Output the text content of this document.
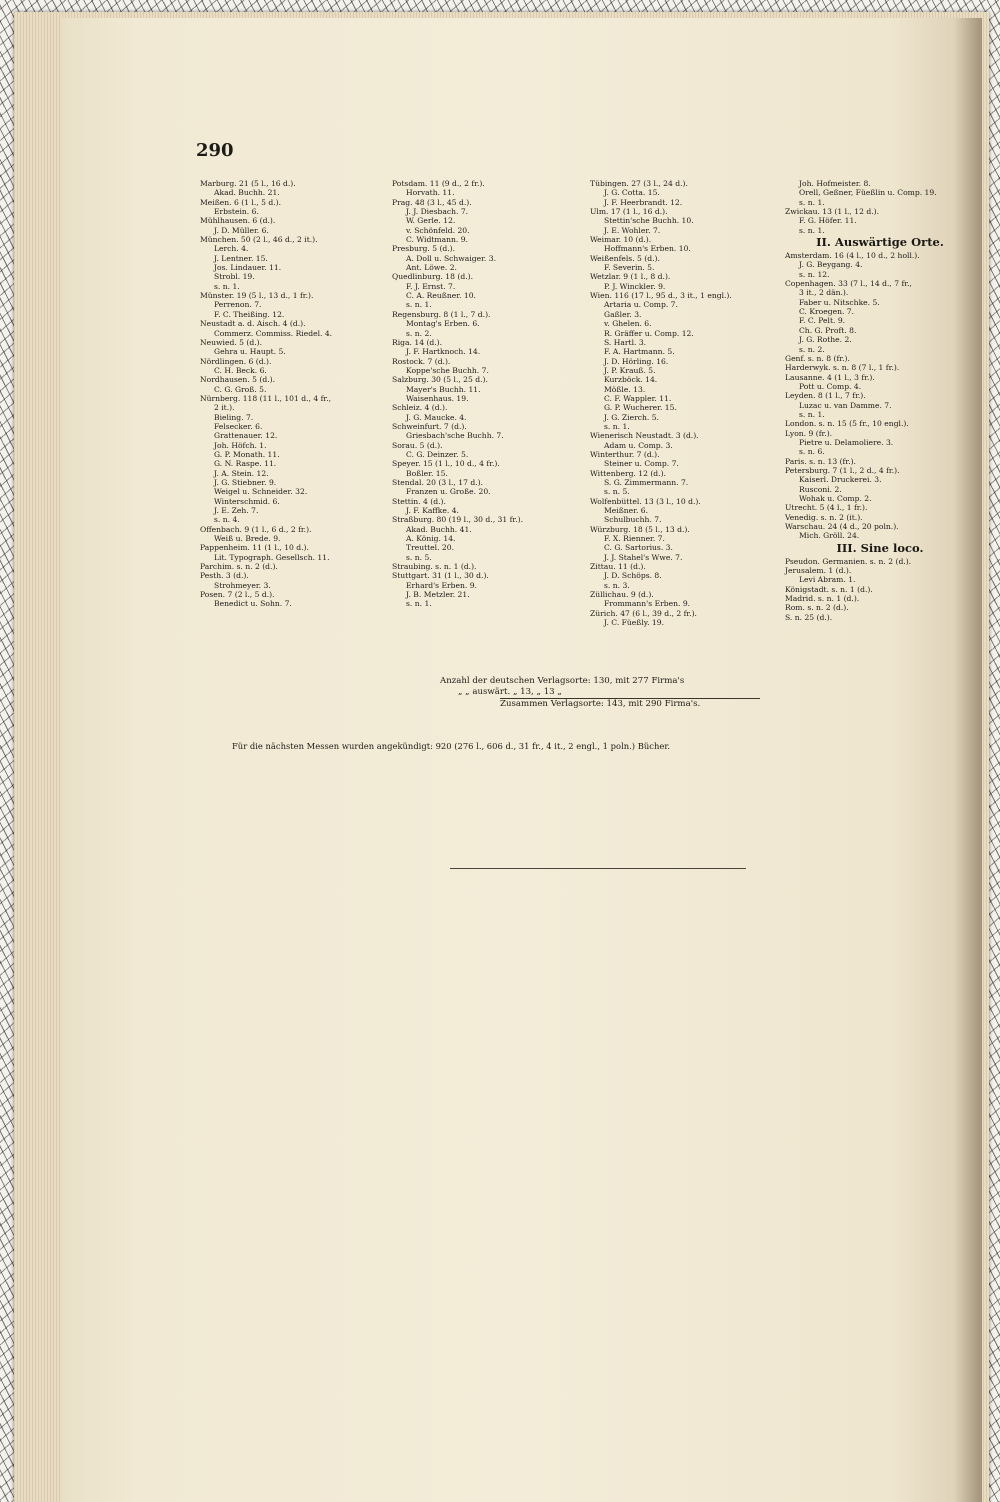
290
Marburg. 21 (5 l., 16 d.).
Akad. Buchh. 21.
Meißen. 6 (1 l., 5 d.).
Erbstein. 6.
Mühlhausen. 6 (d.).
J. D. Müller. 6.
München. 50 (2 l., 46 d., 2 it.).
Lerch. 4.
J. Lentner. 15.
Jos. Lindauer. 11.
Strobl. 19.
s. n. 1.
Münster. 19 (5 l., 13 d., 1 fr.).
Perrenon. 7.
F. C. Theißing. 12.
Neustadt a. d. Aisch. 4 (d.).
Commerz. Commiss. Riedel. 4.
Neuwied. 5 (d.).
Gehra u. Haupt. 5.
Nördlingen. 6 (d.).
C. H. Beck. 6.
Nordhausen. 5 (d.).
C. G. Groß. 5.
Nürnberg. 118 (11 l., 101 d., 4 fr.,
2 it.).
Bieling. 7.
Felsecker. 6.
Grattenauer. 12.
Joh. Höfch. 1.
G. P. Monath. 11.
G. N. Raspe. 11.
J. A. Stein. 12.
J. G. Stiebner. 9.
Weigel u. Schneider. 32.
Winterschmid. 6.
J. E. Zeh. 7.
s. n. 4.
Offenbach. 9 (1 l., 6 d., 2 fr.).
Weiß u. Brede. 9.
Pappenheim. 11 (1 l., 10 d.).
Lit. Typograph. Gesellsch. 11.
Parchim. s. n. 2 (d.).
Pesth. 3 (d.).
Strohmeyer. 3.
Posen. 7 (2 l., 5 d.).
Benedict u. Sohn. 7.
Potsdam. 11 (9 d., 2 fr.).
Horvath. 11.
Prag. 48 (3 l., 45 d.).
J. J. Diesbach. 7.
W. Gerle. 12.
v. Schönfeld. 20.
C. Widtmann. 9.
Presburg. 5 (d.).
A. Doll u. Schwaiger. 3.
Ant. Löwe. 2.
Quedlinburg. 18 (d.).
F. J. Ernst. 7.
C. A. Reußner. 10.
s. n. 1.
Regensburg. 8 (1 l., 7 d.).
Montag's Erben. 6.
s. n. 2.
Riga. 14 (d.).
J. F. Hartknoch. 14.
Rostock. 7 (d.).
Koppe'sche Buchh. 7.
Salzburg. 30 (5 l., 25 d.).
Mayer's Buchh. 11.
Waisenhaus. 19.
Schleiz. 4 (d.).
J. G. Maucke. 4.
Schweinfurt. 7 (d.).
Griesbach'sche Buchh. 7.
Sorau. 5 (d.).
C. G. Deinzer. 5.
Speyer. 15 (1 l., 10 d., 4 fr.).
Boßler. 15.
Stendal. 20 (3 l., 17 d.).
Franzen u. Große. 20.
Stettin. 4 (d.).
J. F. Kaffke. 4.
Straßburg. 80 (19 l., 30 d., 31 fr.).
Akad. Buchh. 41.
A. König. 14.
Treuttel. 20.
s. n. 5.
Straubing. s. n. 1 (d.).
Stuttgart. 31 (1 l., 30 d.).
Erhard's Erben. 9.
J. B. Metzler. 21.
s. n. 1.
Tübingen. 27 (3 l., 24 d.).
J. G. Cotta. 15.
J. F. Heerbrandt. 12.
Ulm. 17 (1 l., 16 d.).
Stettin'sche Buchh. 10.
J. E. Wohler. 7.
Weimar. 10 (d.).
Hoffmann's Erben. 10.
Weißenfels. 5 (d.).
F. Severin. 5.
Wetzlar. 9 (1 l., 8 d.).
P. J. Winckler. 9.
Wien. 116 (17 l., 95 d., 3 it., 1 engl.).
Artaria u. Comp. 7.
Gaßler. 3.
v. Ghelen. 6.
R. Gräffer u. Comp. 12.
S. Hartl. 3.
F. A. Hartmann. 5.
J. D. Hörling. 16.
J. P. Krauß. 5.
Kurzböck. 14.
Mößle. 13.
C. F. Wappler. 11.
G. P. Wucherer. 15.
J. G. Zierch. 5.
s. n. 1.
Wienerisch Neustadt. 3 (d.).
Adam u. Comp. 3.
Winterthur. 7 (d.).
Steiner u. Comp. 7.
Wittenberg. 12 (d.).
S. G. Zimmermann. 7.
s. n. 5.
Wolfenbüttel. 13 (3 l., 10 d.).
Meißner. 6.
Schulbuchh. 7.
Würzburg. 18 (5 l., 13 d.).
F. X. Rienner. 7.
C. G. Sartorius. 3.
J. J. Stahel's Wwe. 7.
Zittau. 11 (d.).
J. D. Schöps. 8.
s. n. 3.
Züllichau. 9 (d.).
Frommann's Erben. 9.
Zürich. 47 (6 l., 39 d., 2 fr.).
J. C. Füeßly. 19.
Joh. Hofmeister. 8.
Orell, Geßner, Füeßlin u. Comp. 19.
s. n. 1.
Zwickau. 13 (1 l., 12 d.).
F. G. Höfer. 11.
s. n. 1.
II. Auswärtige Orte.
Amsterdam. 16 (4 l., 10 d., 2 holl.).
J. G. Beygang. 4.
s. n. 12.
Copenhagen. 33 (7 l., 14 d., 7 fr.,
3 it., 2 dän.).
Faber u. Nitschke. 5.
C. Kroegen. 7.
F. C. Pelt. 9.
Ch. G. Proft. 8.
J. G. Rothe. 2.
s. n. 2.
Genf. s. n. 8 (fr.).
Harderwyk. s. n. 8 (7 l., 1 fr.).
Lausanne. 4 (1 l., 3 fr.).
Pott u. Comp. 4.
Leyden. 8 (1 l., 7 fr.).
Luzac u. van Damme. 7.
s. n. 1.
London. s. n. 15 (5 fr., 10 engl.).
Lyon. 9 (fr.).
Pietre u. Delamoliere. 3.
s. n. 6.
Paris. s. n. 13 (fr.).
Petersburg. 7 (1 l., 2 d., 4 fr.).
Kaiserl. Druckerei. 3.
Rusconi. 2.
Wohak u. Comp. 2.
Utrecht. 5 (4 l., 1 fr.).
Venedig. s. n. 2 (it.).
Warschau. 24 (4 d., 20 poln.).
Mich. Gröll. 24.
III. Sine loco.
Pseudon. Germanien. s. n. 2 (d.).
Jerusalem. 1 (d.).
Levi Abram. 1.
Königstadt. s. n. 1 (d.).
Madrid. s. n. 1 (d.).
Rom. s. n. 2 (d.).
S. n. 25 (d.).
Anzahl der deutschen Verlagsorte: 130, mit 277 Firma's
„ „ auswärt. „ 13, „ 13 „
Zusammen Verlagsorte: 143, mit 290 Firma's.
Für die nächsten Messen wurden angekündigt: 920 (276 l., 606 d., 31 fr., 4 it., 2 engl., 1 poln.) Bücher.
